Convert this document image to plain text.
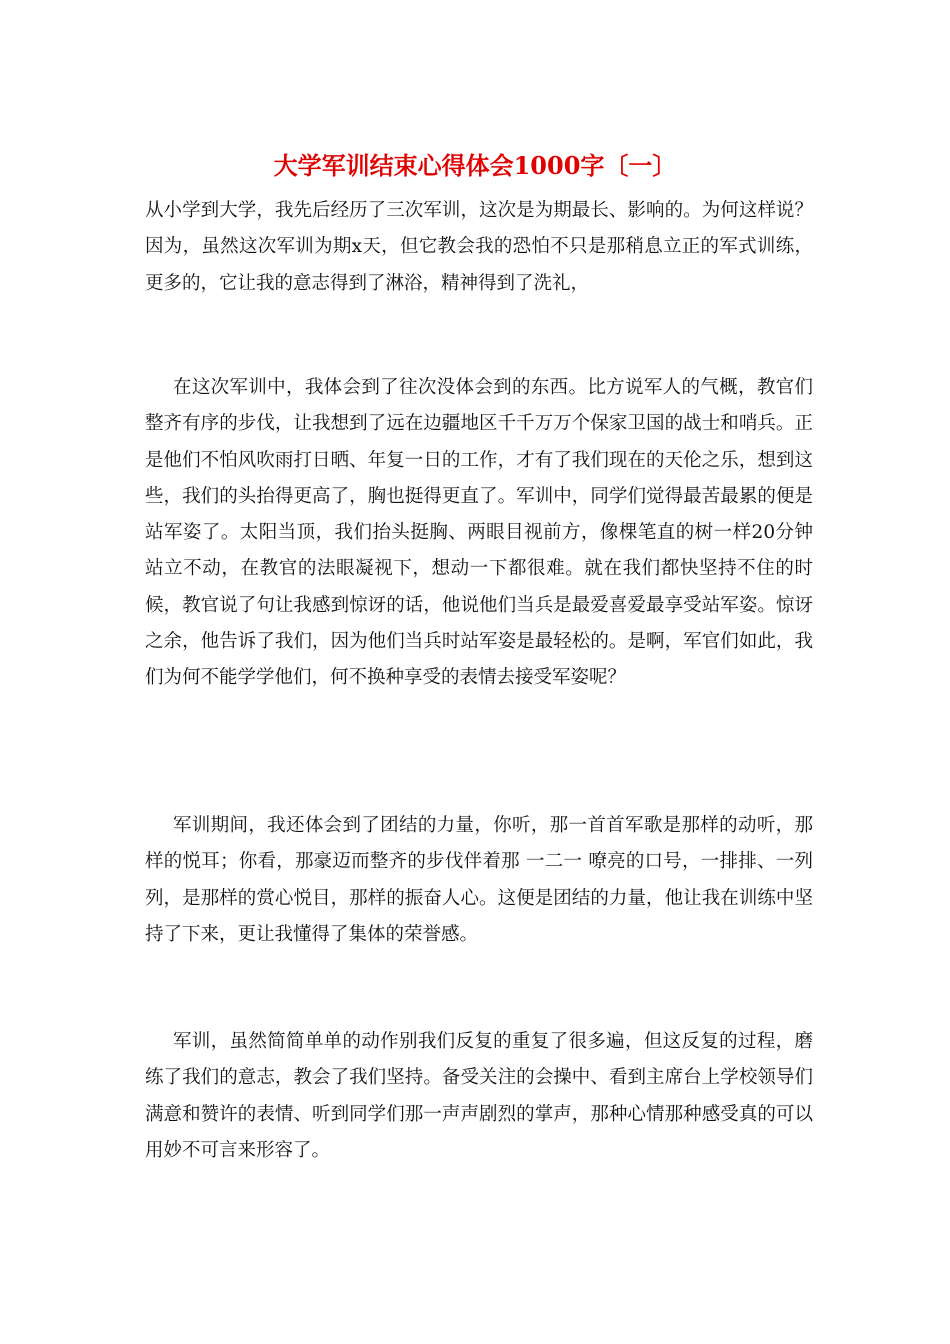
大学军训结束心得体会1000字〔一〕

从小学到大学，我先后经历了三次军训，这次是为期最长、影响的。为何这样说？因为，虽然这次军训为期x天，但它教会我的恐怕不只是那稍息立正的军式训练，更多的，它让我的意志得到了淋浴，精神得到了洗礼，

在这次军训中，我体会到了往次没体会到的东西。比方说军人的气概，教官们整齐有序的步伐，让我想到了远在边疆地区千千万万个保家卫国的战士和哨兵。正是他们不怕风吹雨打日晒、年复一日的工作，才有了我们现在的天伦之乐，想到这些，我们的头抬得更高了，胸也挺得更直了。军训中，同学们觉得最苦最累的便是站军姿了。太阳当顶，我们抬头挺胸、两眼目视前方，像棵笔直的树一样20分钟站立不动，在教官的法眼凝视下，想动一下都很难。就在我们都快坚持不住的时候，教官说了句让我感到惊讶的话，他说他们当兵是最爱喜爱最享受站军姿。惊讶之余，他告诉了我们，因为他们当兵时站军姿是最轻松的。是啊，军官们如此，我们为何不能学学他们，何不换种享受的表情去接受军姿呢？

军训期间，我还体会到了团结的力量，你听，那一首首军歌是那样的动听，那样的悦耳；你看，那豪迈而整齐的步伐伴着那 一二一 嘹亮的口号，一排排、一列列，是那样的赏心悦目，那样的振奋人心。这便是团结的力量，他让我在训练中坚持了下来，更让我懂得了集体的荣誉感。

军训，虽然简简单单的动作别我们反复的重复了很多遍，但这反复的过程，磨练了我们的意志，教会了我们坚持。备受关注的会操中、看到主席台上学校领导们满意和赞许的表情、听到同学们那一声声剧烈的掌声，那种心情那种感受真的可以用妙不可言来形容了。
